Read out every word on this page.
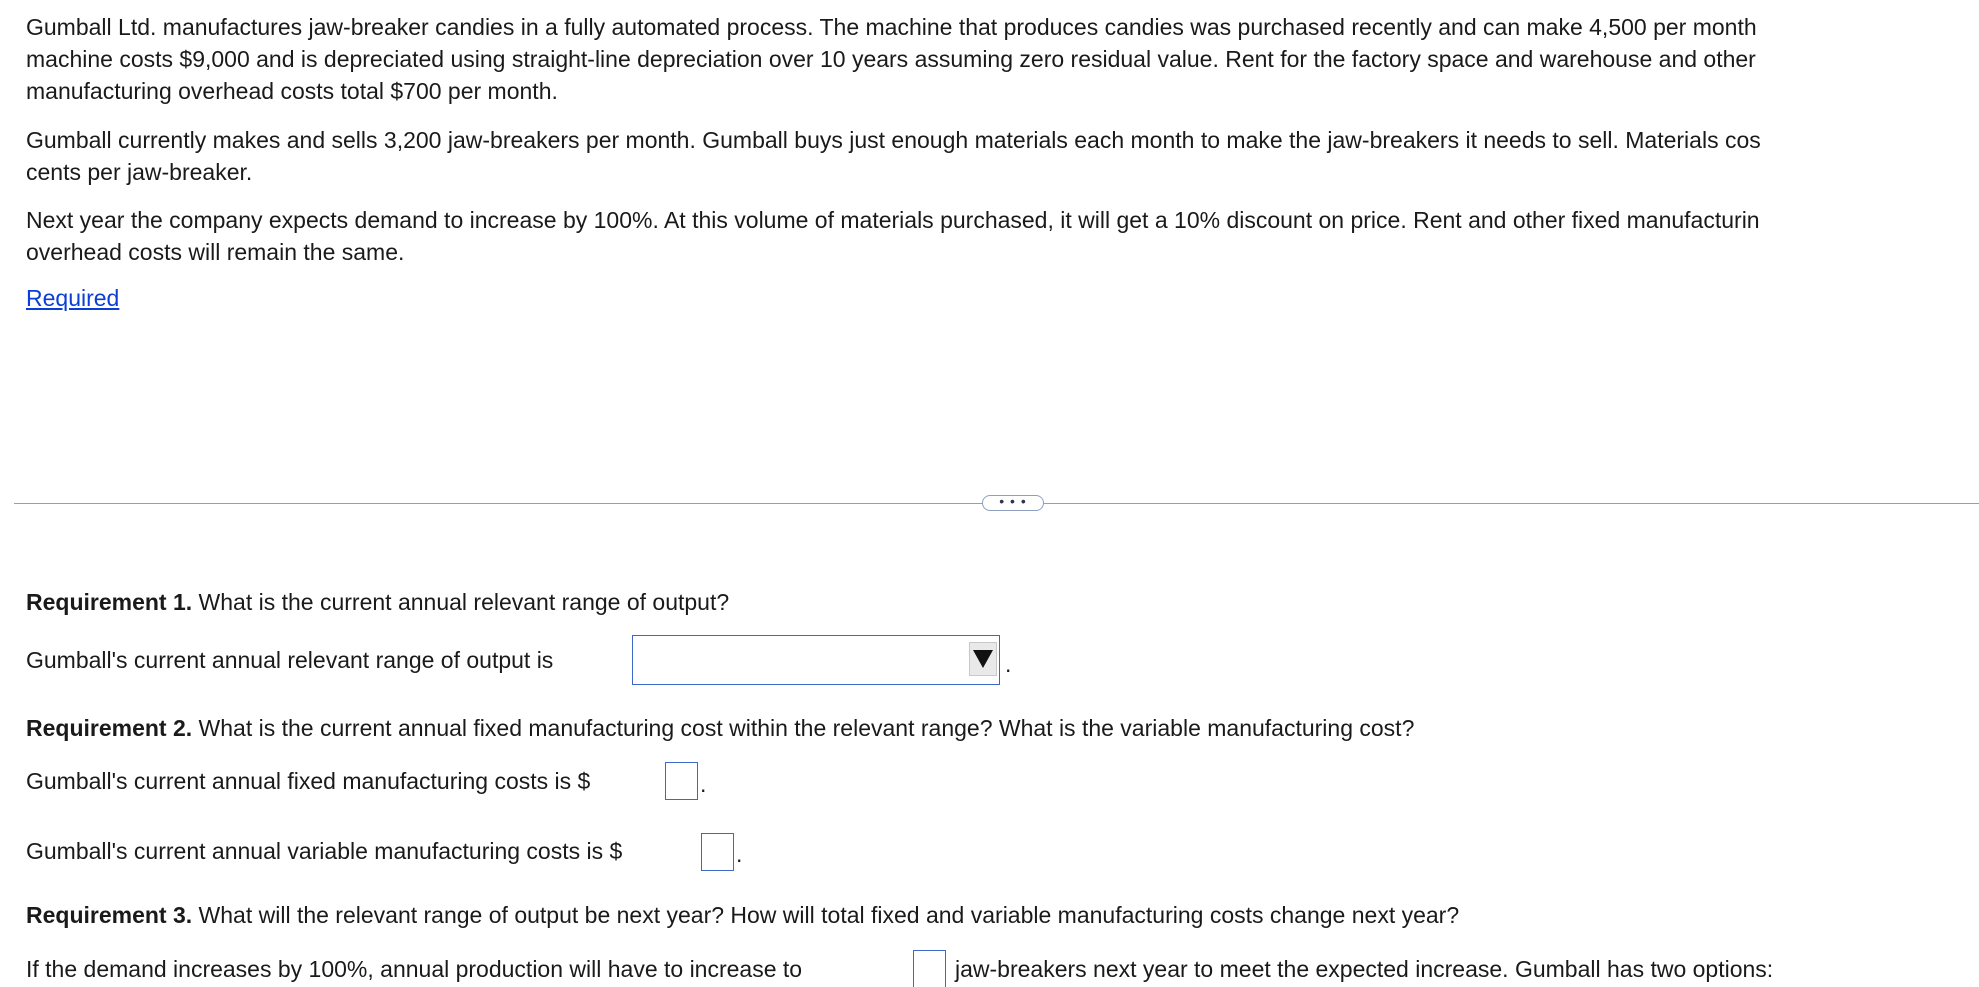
Gumball Ltd. manufactures jaw-breaker candies in a fully automated process. The machine that produces candies was purchased recently and can make 4,500 per month

machine costs $9,000 and is depreciated using straight-line depreciation over 10 years assuming zero residual value. Rent for the factory space and warehouse and other

manufacturing overhead costs total $700 per month.

Gumball currently makes and sells 3,200 jaw-breakers per month. Gumball buys just enough materials each month to make the jaw-breakers it needs to sell. Materials cos

cents per jaw-breaker.

Next year the company expects demand to increase by 100%. At this volume of materials purchased, it will get a 10% discount on price. Rent and other fixed manufacturin

overhead costs will remain the same.

Required
• • •

Requirement 1. What is the current annual relevant range of output?

Gumball's current annual relevant range of output is	.

Requirement 2. What is the current annual fixed manufacturing cost within the relevant range? What is the variable manufacturing cost?

Gumball's current annual fixed manufacturing costs is $	.

Gumball's current annual variable manufacturing costs is $	.

Requirement 3. What will the relevant range of output be next year? How will total fixed and variable manufacturing costs change next year?

If the demand increases by 100%, annual production will have to increase to	jaw-breakers next year to meet the expected increase. Gumball has two options:
